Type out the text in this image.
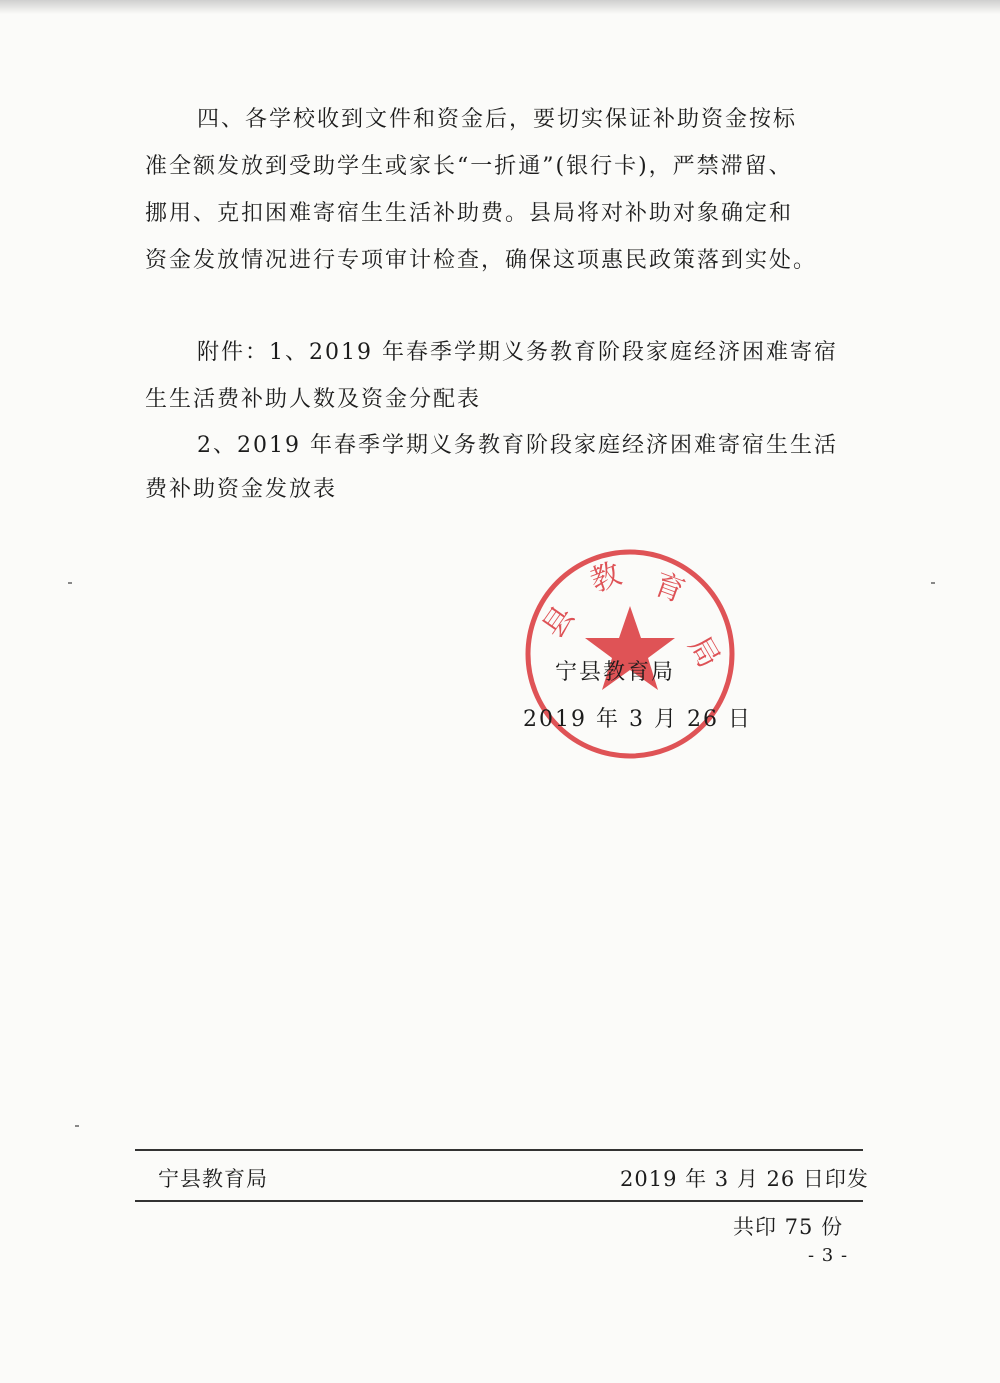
四、各学校收到文件和资金后，要切实保证补助资金按标
准全额发放到受助学生或家长“一折通”(银行卡)，严禁滞留、
挪用、克扣困难寄宿生生活补助费。县局将对补助对象确定和
资金发放情况进行专项审计检查，确保这项惠民政策落到实处。
附件：1、2019 年春季学期义务教育阶段家庭经济困难寄宿
生生活费补助人数及资金分配表
2、2019 年春季学期义务教育阶段家庭经济困难寄宿生生活
费补助资金发放表
县
教 育
局
宁县教育局
2019 年 3 月 26 日
宁县教育局	2019 年 3 月 26 日印发
共印 75 份
- 3 -
